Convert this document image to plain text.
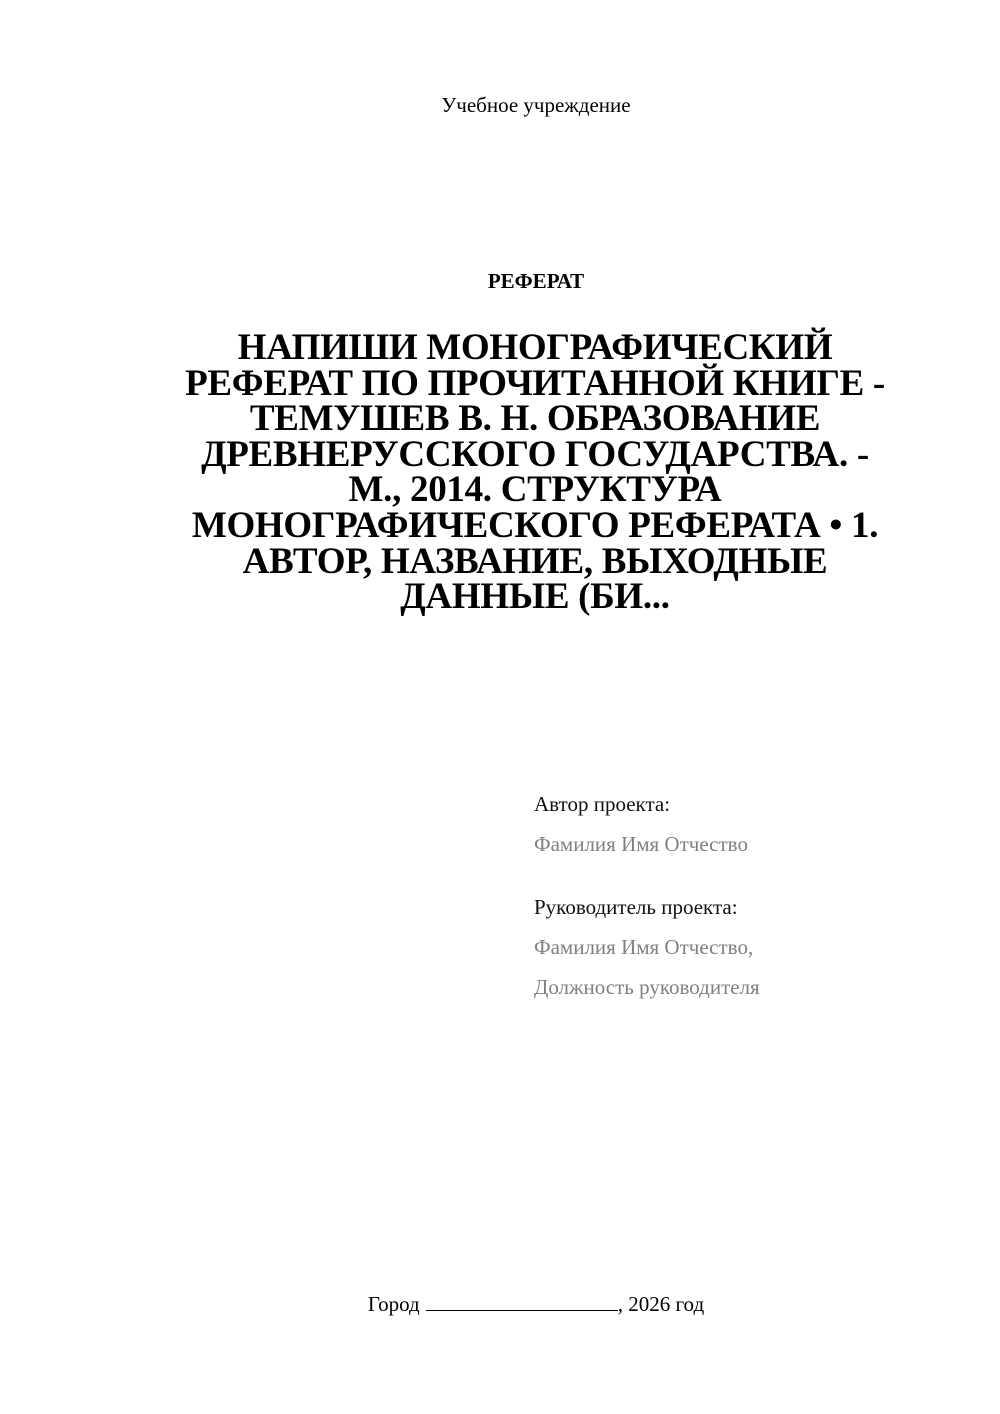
Учебное учреждение
РЕФЕРАТ
НАПИШИ МОНОГРАФИЧЕСКИЙ
РЕФЕРАТ ПО ПРОЧИТАННОЙ КНИГЕ -
ТЕМУШЕВ В. Н. ОБРАЗОВАНИЕ
ДРЕВНЕРУССКОГО ГОСУДАРСТВА. -
М., 2014. СТРУКТУРА
МОНОГРАФИЧЕСКОГО РЕФЕРАТА • 1.
АВТОР, НАЗВАНИЕ, ВЫХОДНЫЕ
ДАННЫЕ (БИ...
Автор проекта:
Фамилия Имя Отчество
Руководитель проекта:
Фамилия Имя Отчество,
Должность руководителя
Город	, 2026 год
